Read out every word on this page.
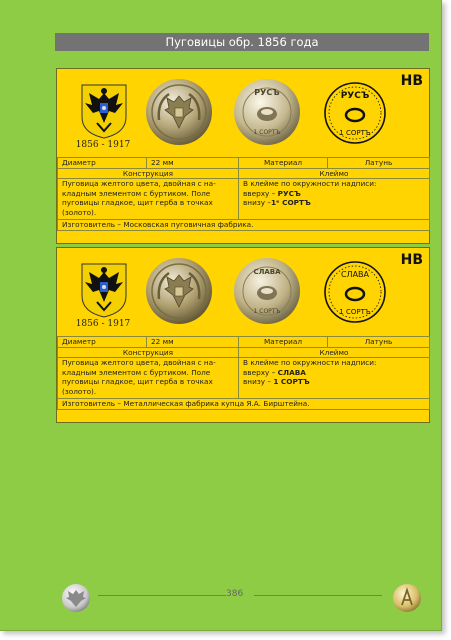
Пуговицы обр. 1856 года
1856 - 1917
РУСЪ
1 СОРТЪ
РУСЪ
1 СОРТЪ
НВ
Диаметр	22 мм	Материал	Латунь
Конструкция		Клеймо	
Пуговица желтого цвета, двойная с на-кладным элементом с буртиком. Поле пуговицы гладкое, щит герба в точках (золото).		В клейме по окружности надписи:
вверху – РУСЪ
внизу –1ᵉ СОРТЪ	

Изготовитель – Московская пуговичная фабрика.			
1856 - 1917
СЛАВА
1 СОРТЪ
СЛАВА
1 СОРТЪ
НВ
Диаметр	22 мм	Материал	Латунь
Конструкция		Клеймо	
Пуговица желтого цвета, двойная с на-кладным элементом с буртиком. Поле пуговицы гладкое, щит герба в точках (золото).		В клейме по окружности надписи:
вверху – СЛАВА
внизу – 1 СОРТЪ	

Изготовитель – Металлическая фабрика купца Я.А. Бирштейна.			
386
